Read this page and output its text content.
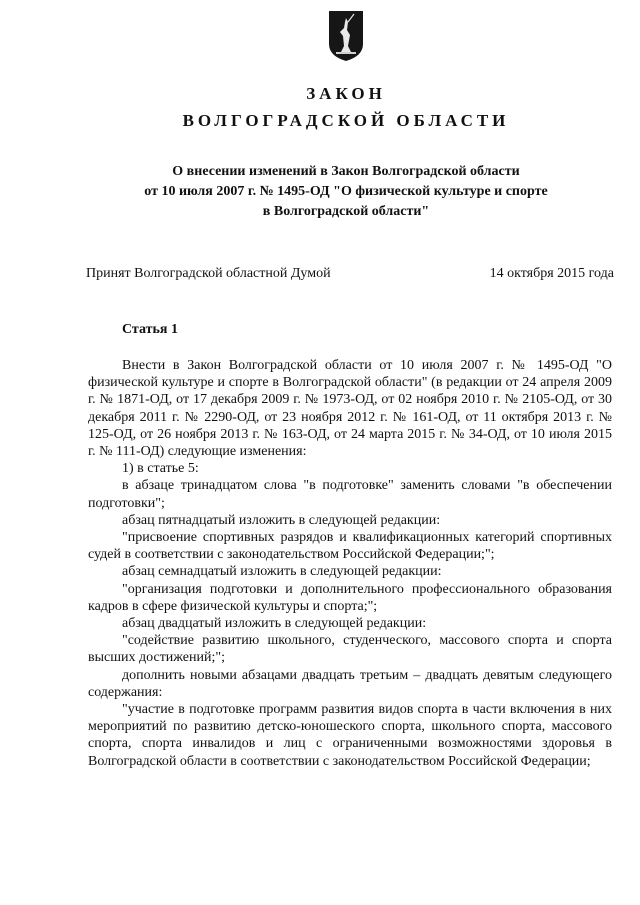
ЗАКОН
ВОЛГОГРАДСКОЙ ОБЛАСТИ
О внесении изменений в Закон Волгоградской области
от 10 июля 2007 г. № 1495-ОД "О физической культуре и спорте
в Волгоградской области"
Принят Волгоградской областной Думой	14 октября 2015 года
Статья 1

Внести в Закон Волгоградской области от 10 июля 2007 г. № 1495-ОД "О физической культуре и спорте в Волгоградской области" (в редакции от 24 апреля 2009 г. № 1871-ОД, от 17 декабря 2009 г. № 1973-ОД, от 02 ноября 2010 г. № 2105-ОД, от 30 декабря 2011 г. № 2290-ОД, от 23 ноября 2012 г. № 161-ОД, от 11 октября 2013 г. № 125-ОД, от 26 ноября 2013 г. № 163-ОД, от 24 марта 2015 г. № 34-ОД, от 10 июля 2015 г. № 111-ОД) следующие изменения:

1) в статье 5:

в абзаце тринадцатом слова "в подготовке" заменить словами "в обеспечении подготовки";

абзац пятнадцатый изложить в следующей редакции:

"присвоение спортивных разрядов и квалификационных категорий спортивных судей в соответствии с законодательством Российской Федерации;";

абзац семнадцатый изложить в следующей редакции:

"организация подготовки и дополнительного профессионального образования кадров в сфере физической культуры и спорта;";

абзац двадцатый изложить в следующей редакции:

"содействие развитию школьного, студенческого, массового спорта и спорта высших достижений;";

дополнить новыми абзацами двадцать третьим – двадцать девятым следующего содержания:

"участие в подготовке программ развития видов спорта в части включения в них мероприятий по развитию детско-юношеского спорта, школьного спорта, массового спорта, спорта инвалидов и лиц с ограниченными возможностями здоровья в Волгоградской области в соответствии с законодательством Российской Федерации;
